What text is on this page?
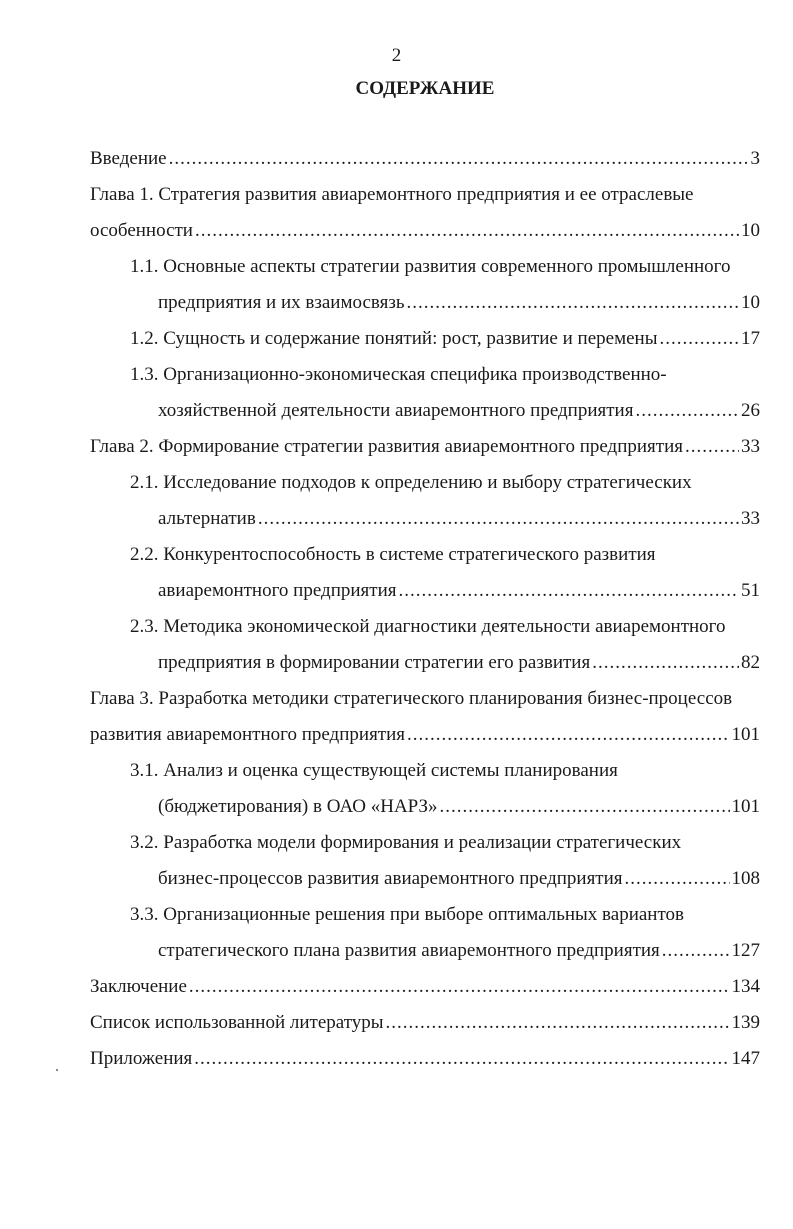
2
СОДЕРЖАНИЕ
Введение .....	3
Глава 1. Стратегия развития авиаремонтного предприятия и ее отраслевые
особенности .....	10
1.1. Основные аспекты стратегии развития современного промышленного
предприятия и их взаимосвязь .....	10
1.2. Сущность и содержание понятий: рост, развитие и перемены .....	17
1.3. Организационно-экономическая специфика производственно-
хозяйственной деятельности авиаремонтного предприятия .....	26
Глава 2. Формирование стратегии развития авиаремонтного предприятия .....	33
2.1. Исследование подходов к определению и выбору стратегических
альтернатив .....	33
2.2. Конкурентоспособность в системе стратегического развития
авиаремонтного предприятия .....	51
2.3. Методика экономической диагностики деятельности авиаремонтного
предприятия в формировании стратегии его развития .....	82
Глава 3. Разработка методики стратегического планирования бизнес-процессов
развития авиаремонтного предприятия .....	101
3.1. Анализ и оценка существующей системы планирования
(бюджетирования) в ОАО «НАРЗ» .....	101
3.2. Разработка модели формирования и реализации стратегических
бизнес-процессов развития авиаремонтного предприятия .....	108
3.3. Организационные решения при выборе оптимальных вариантов
стратегического плана развития авиаремонтного предприятия .....	127
Заключение .....	134
Список использованной литературы .....	139
Приложения .....	147
